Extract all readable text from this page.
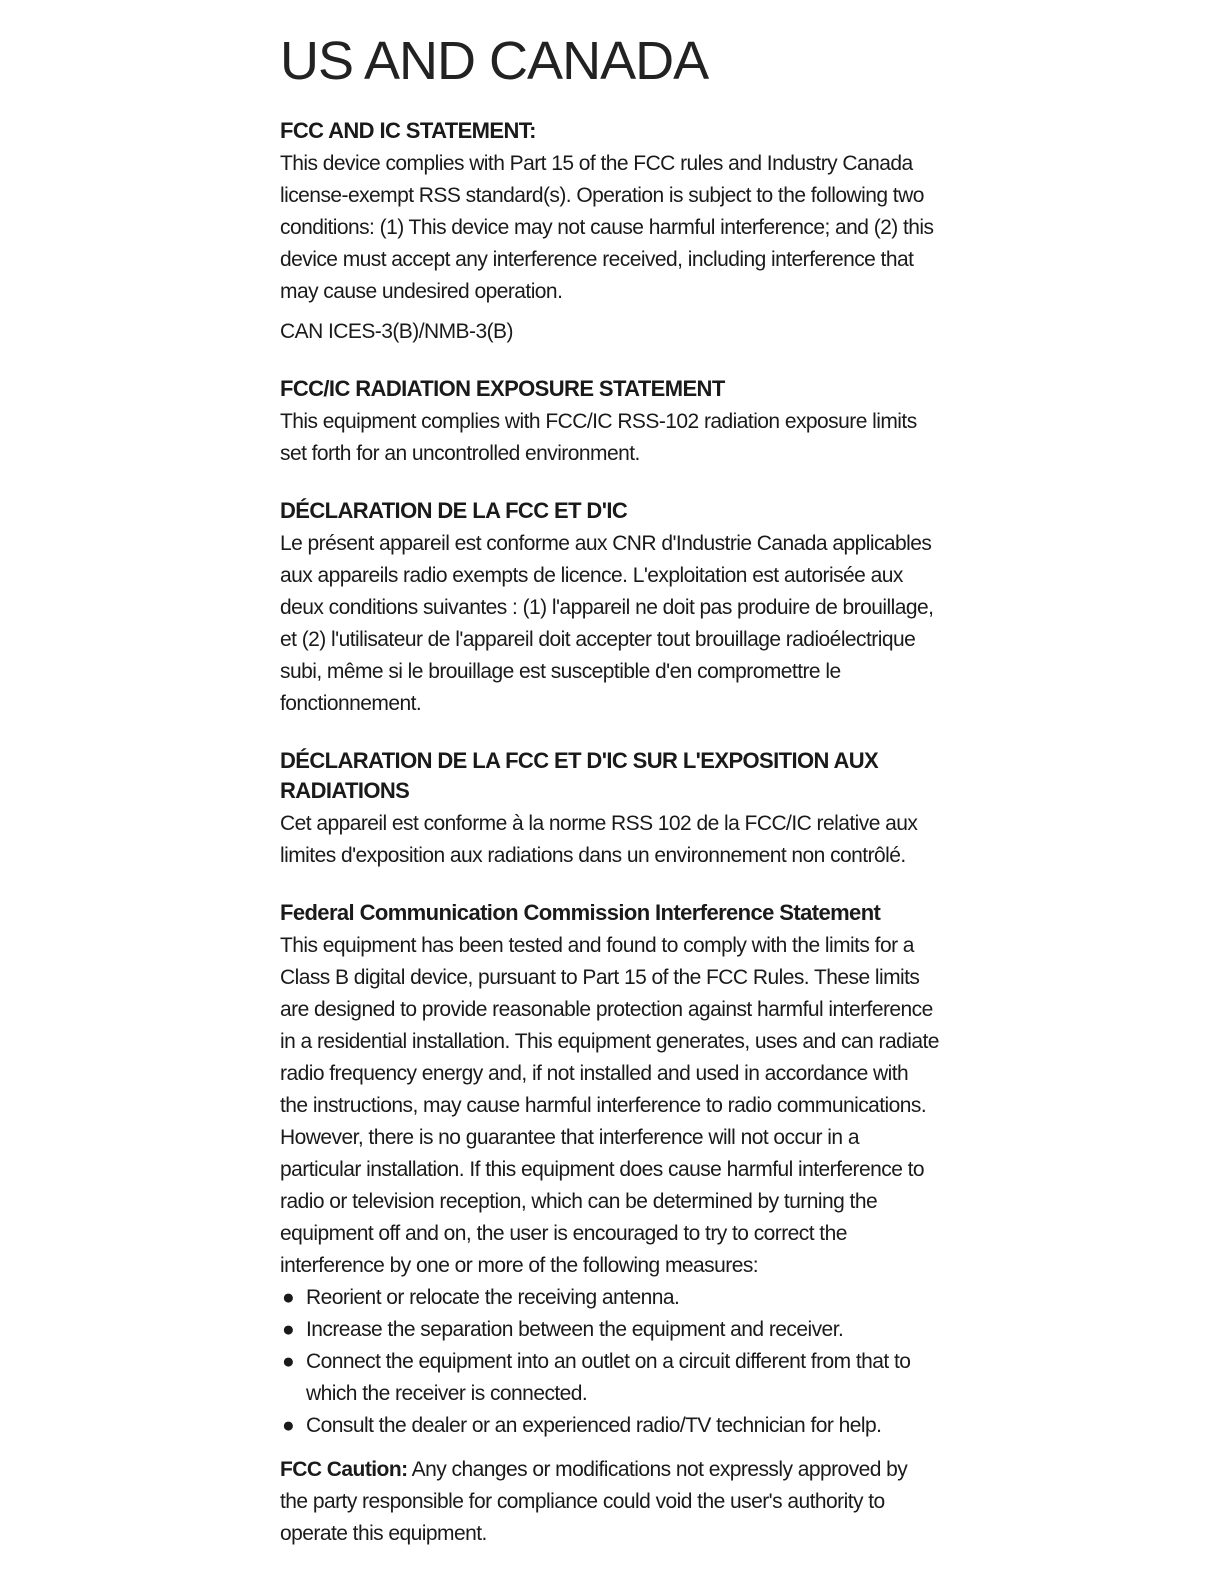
US AND CANADA
FCC AND IC STATEMENT:

This device complies with Part 15 of the FCC rules and Industry Canada license-exempt RSS standard(s). Operation is subject to the following two conditions: (1) This device may not cause harmful interference; and (2) this device must accept any interference received, including interference that may cause undesired operation.

CAN ICES-3(B)/NMB-3(B)

FCC/IC RADIATION EXPOSURE STATEMENT

This equipment complies with FCC/IC RSS-102 radiation exposure limits set forth for an uncontrolled environment.

DÉCLARATION DE LA FCC ET D'IC

Le présent appareil est conforme aux CNR d'Industrie Canada applicables aux appareils radio exempts de licence. L'exploitation est autorisée aux deux conditions suivantes : (1) l'appareil ne doit pas produire de brouillage, et (2) l'utilisateur de l'appareil doit accepter tout brouillage radioélectrique subi, même si le brouillage est susceptible d'en compromettre le fonctionnement.

DÉCLARATION DE LA FCC ET D'IC SUR L'EXPOSITION AUX RADIATIONS

Cet appareil est conforme à la norme RSS 102 de la FCC/IC relative aux limites d'exposition aux radiations dans un environnement non contrôlé.

Federal Communication Commission Interference Statement

This equipment has been tested and found to comply with the limits for a Class B digital device, pursuant to Part 15 of the FCC Rules. These limits are designed to provide reasonable protection against harmful interference in a residential installation. This equipment generates, uses and can radiate radio frequency energy and, if not installed and used in accordance with the instructions, may cause harmful interference to radio communications. However, there is no guarantee that interference will not occur in a particular installation. If this equipment does cause harmful interference to radio or television reception, which can be determined by turning the equipment off and on, the user is encouraged to try to correct the interference by one or more of the following measures:

● Reorient or relocate the receiving antenna.
● Increase the separation between the equipment and receiver.
● Connect the equipment into an outlet on a circuit different from that to which the receiver is connected.
● Consult the dealer or an experienced radio/TV technician for help.

FCC Caution: Any changes or modifications not expressly approved by the party responsible for compliance could void the user's authority to operate this equipment.
